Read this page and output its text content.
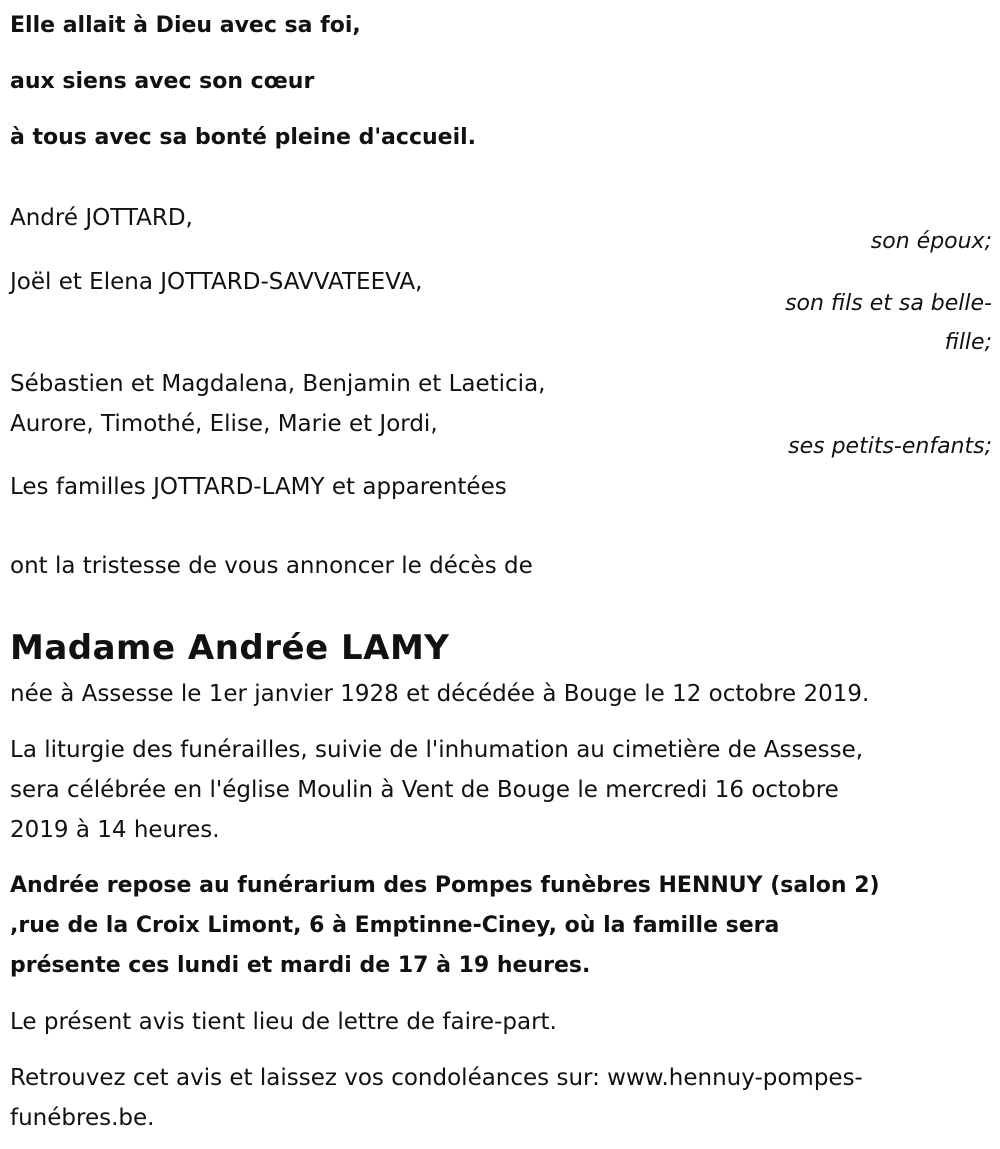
Elle allait à Dieu avec sa foi,
aux siens avec son cœur
à tous avec sa bonté pleine d'accueil.
André JOTTARD,
son époux;
Joël et Elena JOTTARD-SAVVATEEVA,
son fils et sa belle-
fille;
Sébastien et Magdalena, Benjamin et Laeticia,
Aurore, Timothé, Elise, Marie et Jordi,
ses petits-enfants;
Les familles JOTTARD-LAMY et apparentées
ont la tristesse de vous annoncer le décès de
Madame Andrée LAMY
née à Assesse le 1er janvier 1928 et décédée à Bouge le 12 octobre 2019.
La liturgie des funérailles, suivie de l'inhumation au cimetière de Assesse,
sera célébrée en l'église Moulin à Vent de Bouge le mercredi 16 octobre
2019 à 14 heures.
Andrée repose au funérarium des Pompes funèbres HENNUY (salon 2)
,rue de la Croix Limont, 6 à Emptinne-Ciney, où la famille sera
présente ces lundi et mardi de 17 à 19 heures.
Le présent avis tient lieu de lettre de faire-part.
Retrouvez cet avis et laissez vos condoléances sur: www.hennuy-pompes-
funébres.be.
